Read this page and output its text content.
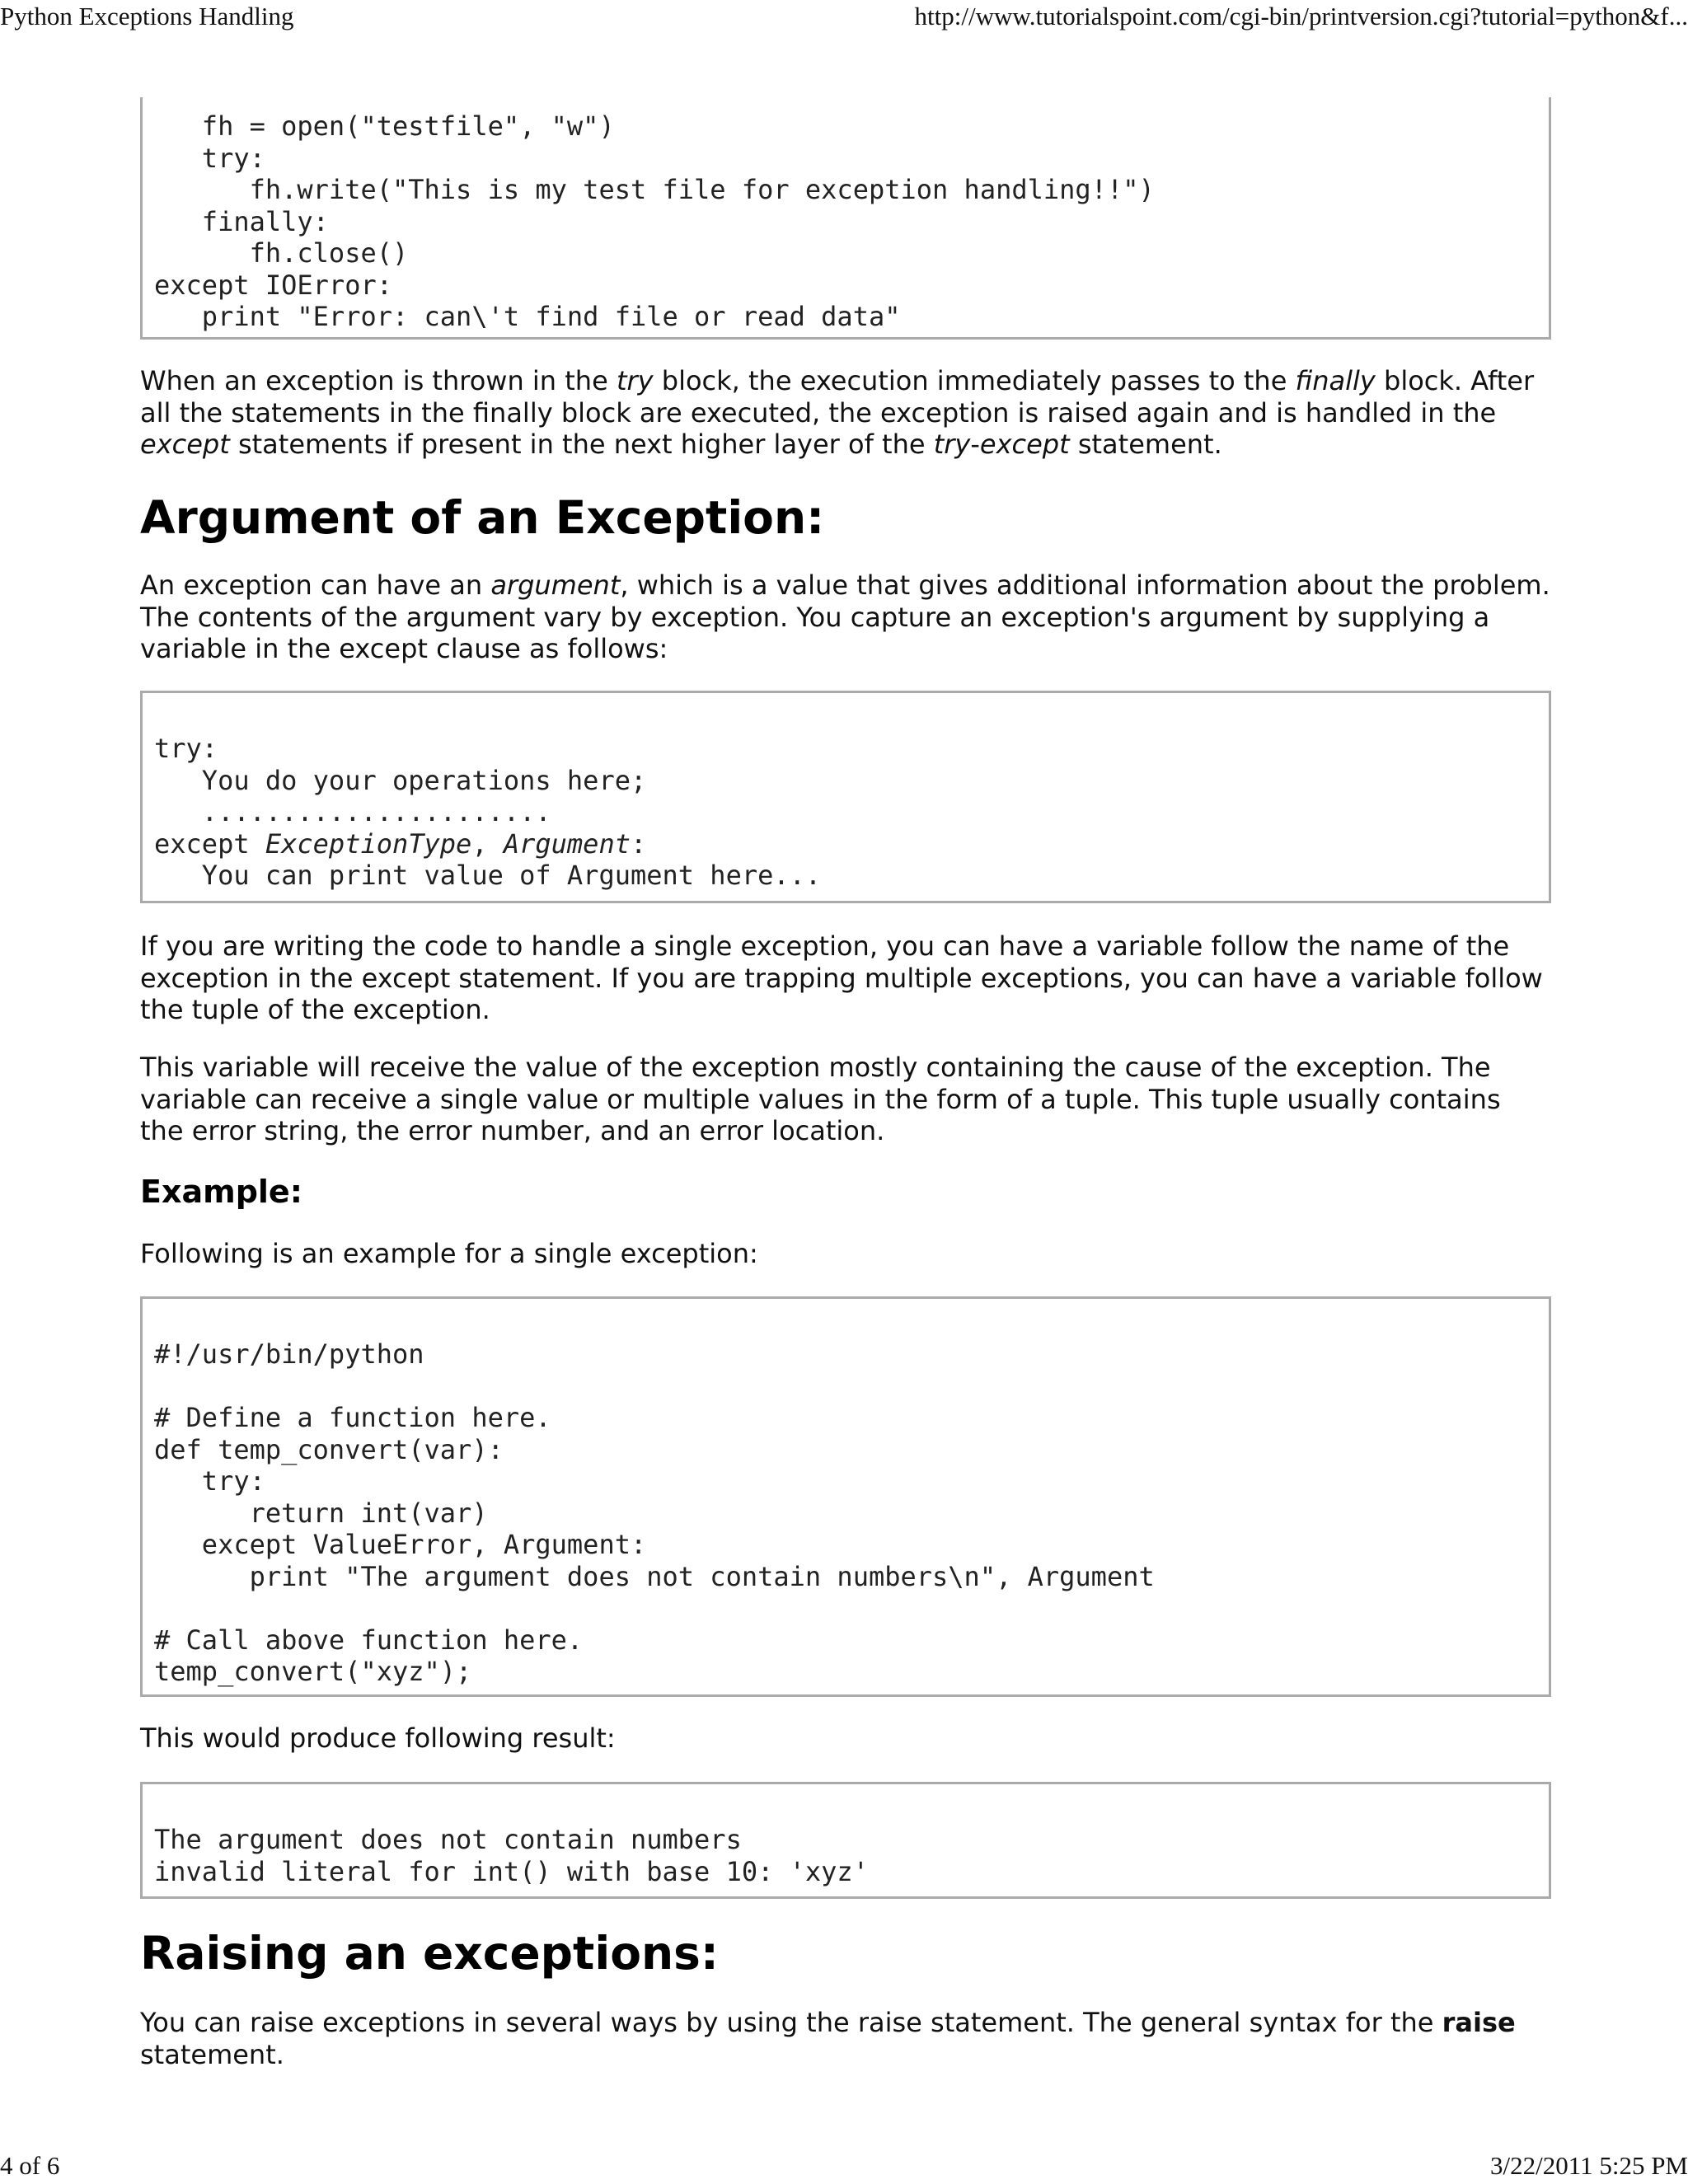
Python Exceptions Handling	http://www.tutorialspoint.com/cgi-bin/printversion.cgi?tutorial=python&f...
fh = open("testfile", "w")
try:
fh.write("This is my test file for exception handling!!")
finally:
fh.close()
except IOError:
print "Error: can\'t find file or read data"
When an exception is thrown in the try block, the execution immediately passes to the finally block. After all the statements in the finally block are executed, the exception is raised again and is handled in the except statements if present in the next higher layer of the try-except statement.
Argument of an Exception:
An exception can have an argument, which is a value that gives additional information about the problem. The contents of the argument vary by exception. You capture an exception's argument by supplying a variable in the except clause as follows:
try:
You do your operations here;
......................
except ExceptionType, Argument:
You can print value of Argument here...
If you are writing the code to handle a single exception, you can have a variable follow the name of the exception in the except statement. If you are trapping multiple exceptions, you can have a variable follow the tuple of the exception.
This variable will receive the value of the exception mostly containing the cause of the exception. The variable can receive a single value or multiple values in the form of a tuple. This tuple usually contains the error string, the error number, and an error location.
Example:
Following is an example for a single exception:
#!/usr/bin/python
# Define a function here.
def temp_convert(var):
try:
return int(var)
except ValueError, Argument:
print "The argument does not contain numbers\n", Argument
# Call above function here.
temp_convert("xyz");
This would produce following result:
The argument does not contain numbers
invalid literal for int() with base 10: 'xyz'
Raising an exceptions:
You can raise exceptions in several ways by using the raise statement. The general syntax for the raise statement.
4 of 6	3/22/2011 5:25 PM
